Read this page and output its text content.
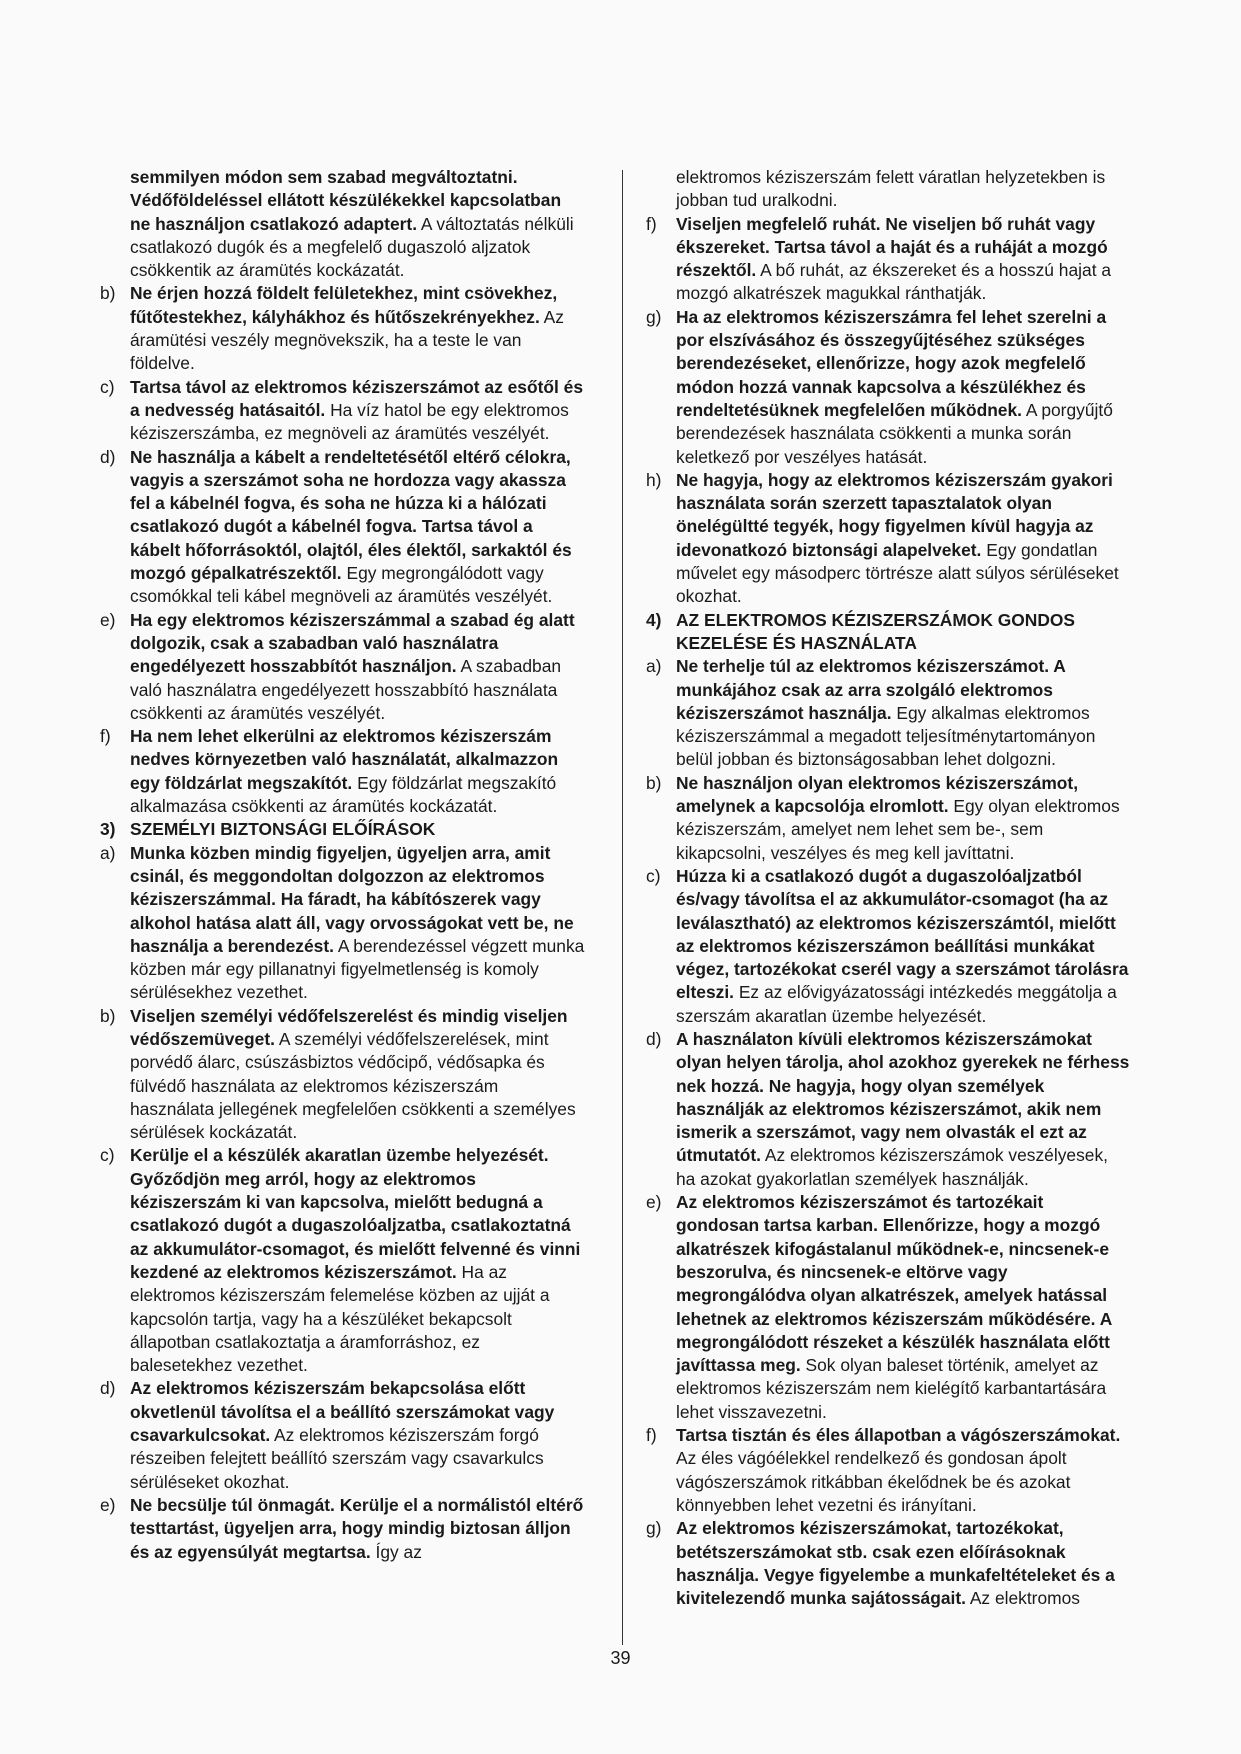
semmilyen módon sem szabad megváltoztatni. Védőföldeléssel ellátott készülékekkel kapcsolatban ne használjon csatlakozó adaptert. A változtatás nélküli csatlakozó dugók és a megfelelő dugaszoló aljzatok csökkentik az áramütés kockázatát.
b) Ne érjen hozzá földelt felületekhez, mint csövekhez, fűtőtestekhez, kályhákhoz és hűtőszekrényekhez. Az áramütési veszély megnövekszik, ha a teste le van földelve.
c) Tartsa távol az elektromos kéziszerszámot az esőtől és a nedvesség hatásaitól. Ha víz hatol be egy elektromos kéziszerszámba, ez megnöveli az áramütés veszélyét.
d) Ne használja a kábelt a rendeltetésétől eltérő célokra, vagyis a szerszámot soha ne hordozza vagy akassza fel a kábelnél fogva, és soha ne húzza ki a hálózati csatlakozó dugót a kábelnél fogva. Tartsa távol a kábelt hőforrásoktól, olajtól, éles élektől, sarkaktól és mozgó gépalkatrészektől. Egy megrongálódott vagy csomókkal teli kábel megnöveli az áramütés veszélyét.
e) Ha egy elektromos kéziszerszámmal a szabad ég alatt dolgozik, csak a szabadban való használatra engedélyezett hosszabbítót használjon. A szabadban való használatra engedélyezett hosszabbító használata csökkenti az áramütés veszélyét.
f) Ha nem lehet elkerülni az elektromos kéziszerszám nedves környezetben való használatát, alkalmazzon egy földzárlat megszakítót. Egy földzárlat megszakító alkalmazása csökkenti az áramütés kockázatát.
3) SZEMÉLYI BIZTONSÁGI ELŐÍRÁSOK
a) Munka közben mindig figyeljen, ügyeljen arra, amit csinál, és meggondoltan dolgozzon az elektromos kéziszerszámmal. Ha fáradt, ha kábítószerek vagy alkohol hatása alatt áll, vagy orvosságokat vett be, ne használja a berendezést. A berendezéssel végzett munka közben már egy pillanatnyi figyelmetlenség is komoly sérülésekhez vezethet.
b) Viseljen személyi védőfelszerelést és mindig viseljen védőszemüveget. A személyi védőfelszerelések, mint porvédő álarc, csúszásbiztos védőcipő, védősapka és fülvédő használata az elektromos kéziszerszám használata jellegének megfelelően csökkenti a személyes sérülések kockázatát.
c) Kerülje el a készülék akaratlan üzembe helyezését. Győződjön meg arról, hogy az elektromos kéziszerszám ki van kapcsolva, mielőtt bedugná a csatlakozó dugót a dugaszolóaljzatba, csatlakoztatná az akkumulátor-csomagot, és mielőtt felvenné és vinni kezdené az elektromos kéziszerszámot. Ha az elektromos kéziszerszám felemelése közben az ujját a kapcsolón tartja, vagy ha a készüléket bekapcsolt állapotban csatlakoztatja a áramforráshoz, ez balesetekhez vezethet.
d) Az elektromos kéziszerszám bekapcsolása előtt okvetlenül távolítsa el a beállító szerszámokat vagy csavarkulcsokat. Az elektromos kéziszerszám forgó részeiben felejtett beállító szerszám vagy csavarkulcs sérüléseket okozhat.
e) Ne becsülje túl önmagát. Kerülje el a normálistól eltérő testtartást, ügyeljen arra, hogy mindig biztosan álljon és az egyensúlyát megtartsa. Így az
elektromos kéziszerszám felett váratlan helyzetekben is jobban tud uralkodni.
f) Viseljen megfelelő ruhát. Ne viseljen bő ruhát vagy ékszereket. Tartsa távol a haját és a ruháját a mozgó részektől. A bő ruhát, az ékszereket és a hosszú hajat a mozgó alkatrészek magukkal ránthatják.
g) Ha az elektromos kéziszerszámra fel lehet szerelni a por elszívásához és összegyűjtéséhez szükséges berendezéseket, ellenőrizze, hogy azok megfelelő módon hozzá vannak kapcsolva a készülékhez és rendeltetésüknek megfelelően működnek. A porgyűjtő berendezések használata csökkenti a munka során keletkező por veszélyes hatását.
h) Ne hagyja, hogy az elektromos kéziszerszám gyakori használata során szerzett tapasztalatok olyan önelégültté tegyék, hogy figyelmen kívül hagyja az idevonatkozó biztonsági alapelveket. Egy gondatlan művelet egy másodperc törtrésze alatt súlyos sérüléseket okozhat.
4) AZ ELEKTROMOS KÉZISZERSZÁMOK GONDOS KEZELÉSE ÉS HASZNÁLATA
a) Ne terhelje túl az elektromos kéziszerszámot. A munkájához csak az arra szolgáló elektromos kéziszerszámot használja. Egy alkalmas elektromos kéziszerszámmal a megadott teljesítménytartományon belül jobban és biztonságosabban lehet dolgozni.
b) Ne használjon olyan elektromos kéziszerszámot, amelynek a kapcsolója elromlott. Egy olyan elektromos kéziszerszám, amelyet nem lehet sem be-, sem kikapcsolni, veszélyes és meg kell javíttatni.
c) Húzza ki a csatlakozó dugót a dugaszolóaljzatból és/vagy távolítsa el az akkumulátor-csomagot (ha az leválasztható) az elektromos kéziszerszámtól, mielőtt az elektromos kéziszerszámon beállítási munkákat végez, tartozékokat cserél vagy a szerszámot tárolásra elteszi. Ez az elővigyázatossági intézkedés meggátolja a szerszám akaratlan üzembe helyezését.
d) A használaton kívüli elektromos kéziszerszámokat olyan helyen tárolja, ahol azokhoz gyerekek ne férhess nek hozzá. Ne hagyja, hogy olyan személyek használják az elektromos kéziszerszámot, akik nem ismerik a szerszámot, vagy nem olvasták el ezt az útmutatót. Az elektromos kéziszerszámok veszélyesek, ha azokat gyakorlatlan személyek használják.
e) Az elektromos kéziszerszámot és tartozékait gondosan tartsa karban. Ellenőrizze, hogy a mozgó alkatrészek kifogástalanul működnek-e, nincsenek-e beszorulva, és nincsenek-e eltörve vagy megrongálódva olyan alkatrészek, amelyek hatással lehetnek az elektromos kéziszerszám működésére. A megrongálódott részeket a készülék használata előtt javíttassa meg. Sok olyan baleset történik, amelyet az elektromos kéziszerszám nem kielégítő karbantartására lehet visszavezetni.
f) Tartsa tisztán és éles állapotban a vágószerszámokat. Az éles vágóélekkel rendelkező és gondosan ápolt vágószerszámok ritkábban ékelődnek be és azokat könnyebben lehet vezetni és irányítani.
g) Az elektromos kéziszerszámokat, tartozékokat, betétszerszámokat stb. csak ezen előírásoknak használja. Vegye figyelembe a munkafeltételeket és a kivitelezendő munka sajátosságait. Az elektromos
39
